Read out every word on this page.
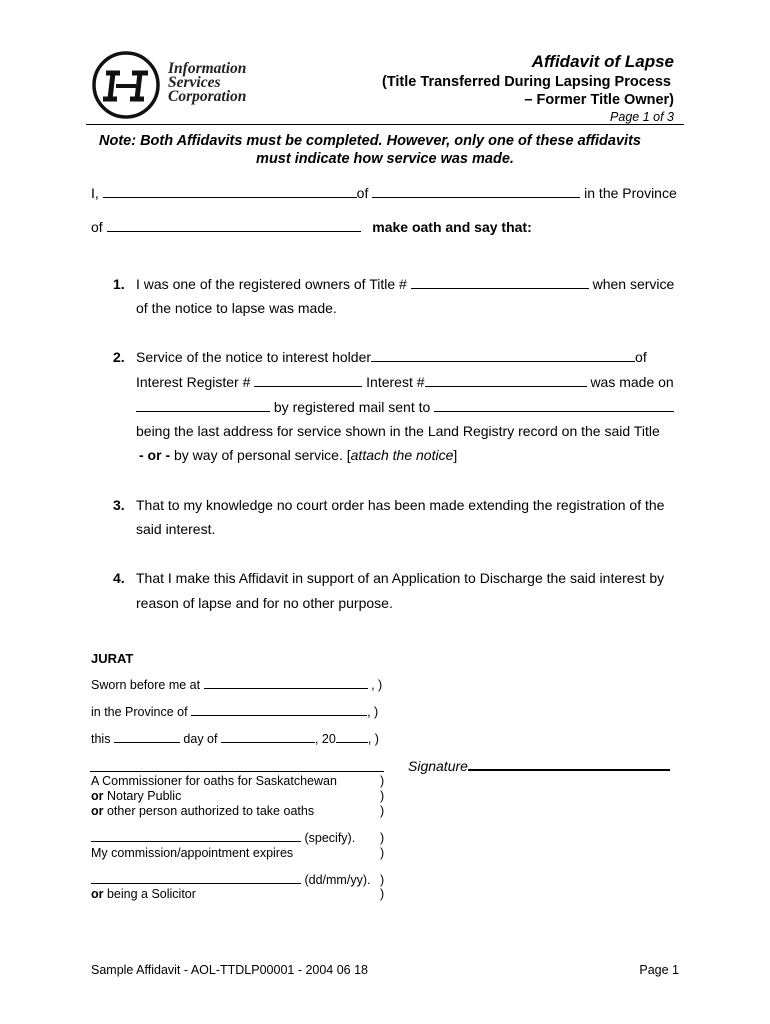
Information
Services
Corporation
Affidavit of Lapse
(Title Transferred During Lapsing Process
– Former Title Owner)
Page 1 of 3
Note: Both Affidavits must be completed. However, only one of these affidavits
must indicate how service was made.
I,	of	in the Province
of	make oath and say that:
1. I was one of the registered owners of Title #	when service
of the notice to lapse was made.
2. Service of the notice to interest holder	of
Interest Register #	Interest #	was made on
by registered mail sent to
being the last address for service shown in the Land Registry record on the said Title
- or - by way of personal service. [attach the notice]
3. That to my knowledge no court order has been made extending the registration of the
said interest.
4. That I make this Affidavit in support of an Application to Discharge the said interest by
reason of lapse and for no other purpose.
JURAT
Sworn before me at	, )
in the Province of	, )
this	day of	, 20	, )
Signature
A Commissioner for oaths for Saskatchewan
or Notary Public
or other person authorized to take oaths
(specify).
My commission/appointment expires
(dd/mm/yy).
or being a Solicitor
)
)
)
)
)
)
)
Sample Affidavit - AOL-TTDLP00001 - 2004 06 18	Page 1
